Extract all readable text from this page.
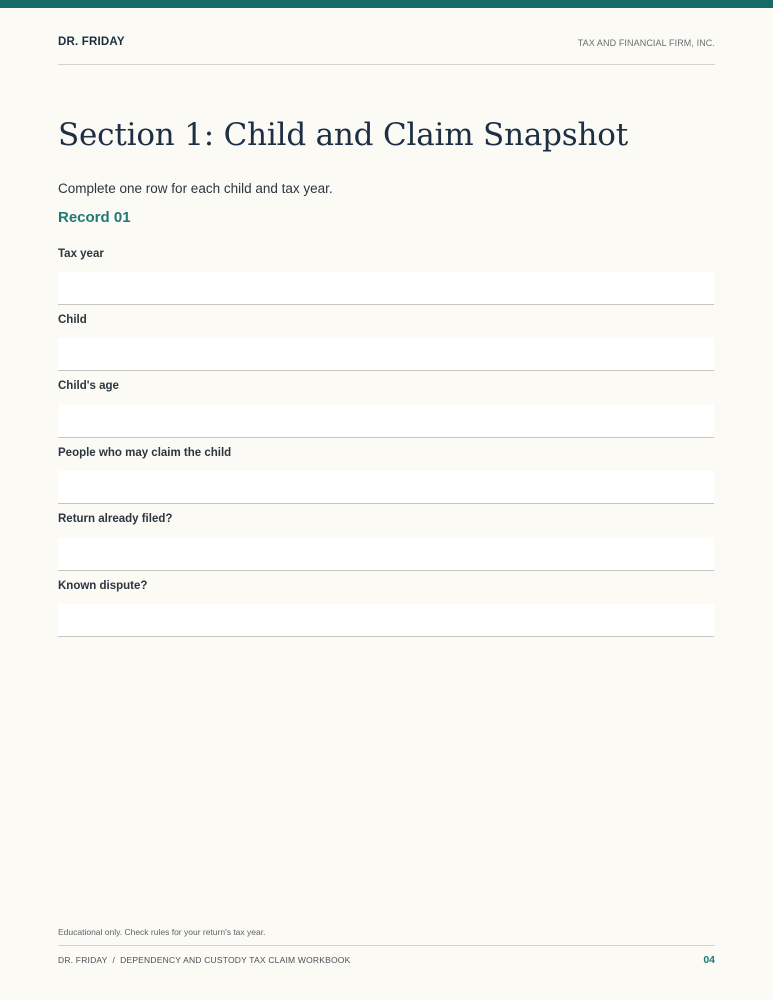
DR. FRIDAY	TAX AND FINANCIAL FIRM, INC.
Section 1: Child and Claim Snapshot
Complete one row for each child and tax year.
Record 01
Tax year
Child
Child's age
People who may claim the child
Return already filed?
Known dispute?
Educational only. Check rules for your return's tax year.
DR. FRIDAY / DEPENDENCY AND CUSTODY TAX CLAIM WORKBOOK	04
